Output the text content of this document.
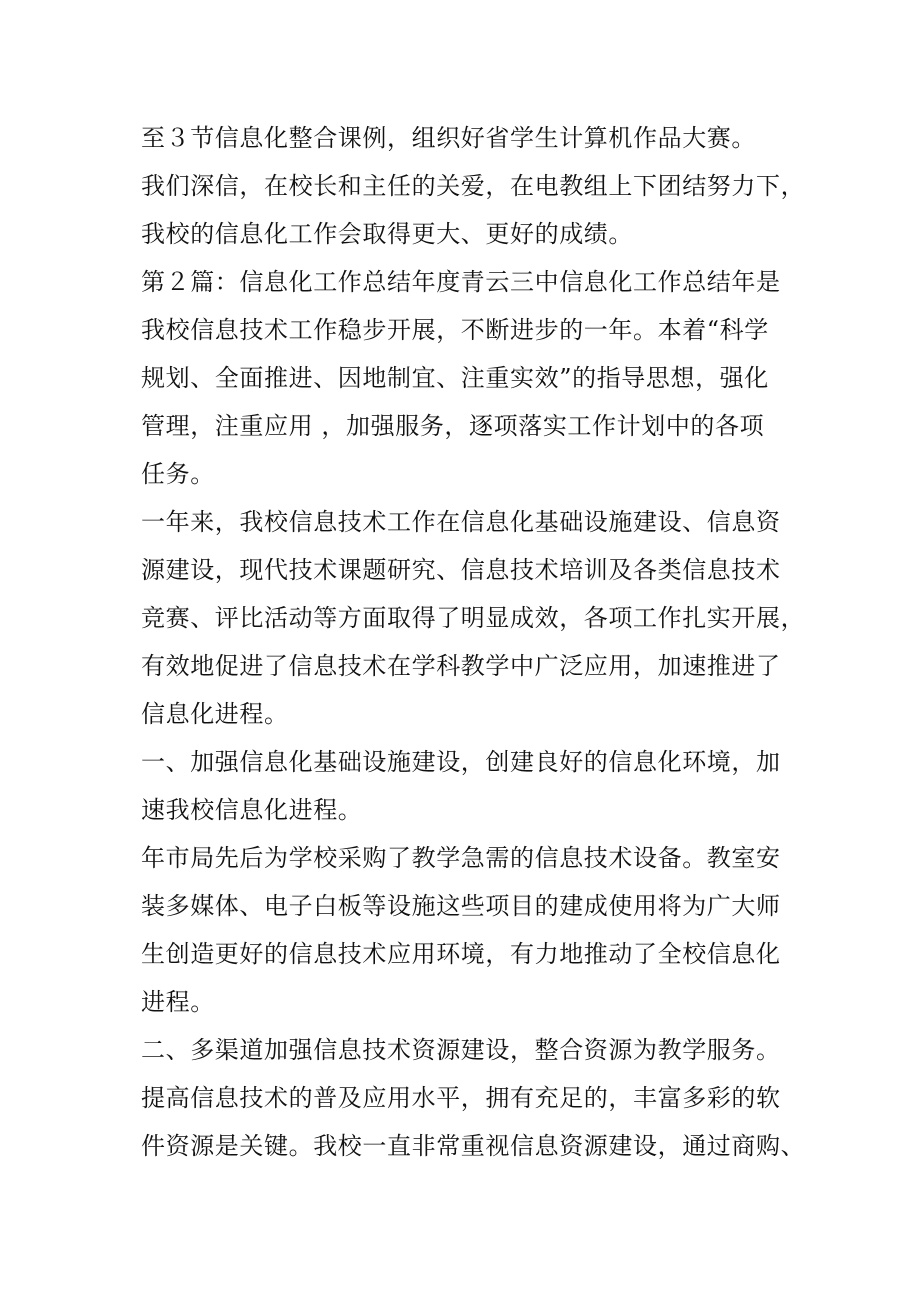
至３节信息化整合课例，组织好省学生计算机作品大赛。
我们深信，在校长和主任的关爱，在电教组上下团结努力下，
我校的信息化工作会取得更大、更好的成绩。
第２篇：信息化工作总结年度青云三中信息化工作总结年是
我校信息技术工作稳步开展，不断进步的一年。本着“科学
规划、全面推进、因地制宜、注重实效”的指导思想，强化
管理，注重应用 ，加强服务，逐项落实工作计划中的各项
任务。
一年来，我校信息技术工作在信息化基础设施建设、信息资
源建设，现代技术课题研究、信息技术培训及各类信息技术
竞赛、评比活动等方面取得了明显成效，各项工作扎实开展，
有效地促进了信息技术在学科教学中广泛应用，加速推进了
信息化进程。
一、加强信息化基础设施建设，创建良好的信息化环境，加
速我校信息化进程。
年市局先后为学校采购了教学急需的信息技术设备。教室安
装多媒体、电子白板等设施这些项目的建成使用将为广大师
生创造更好的信息技术应用环境，有力地推动了全校信息化
进程。
二、多渠道加强信息技术资源建设，整合资源为教学服务。
提高信息技术的普及应用水平，拥有充足的，丰富多彩的软
件资源是关键。我校一直非常重视信息资源建设，通过商购、
